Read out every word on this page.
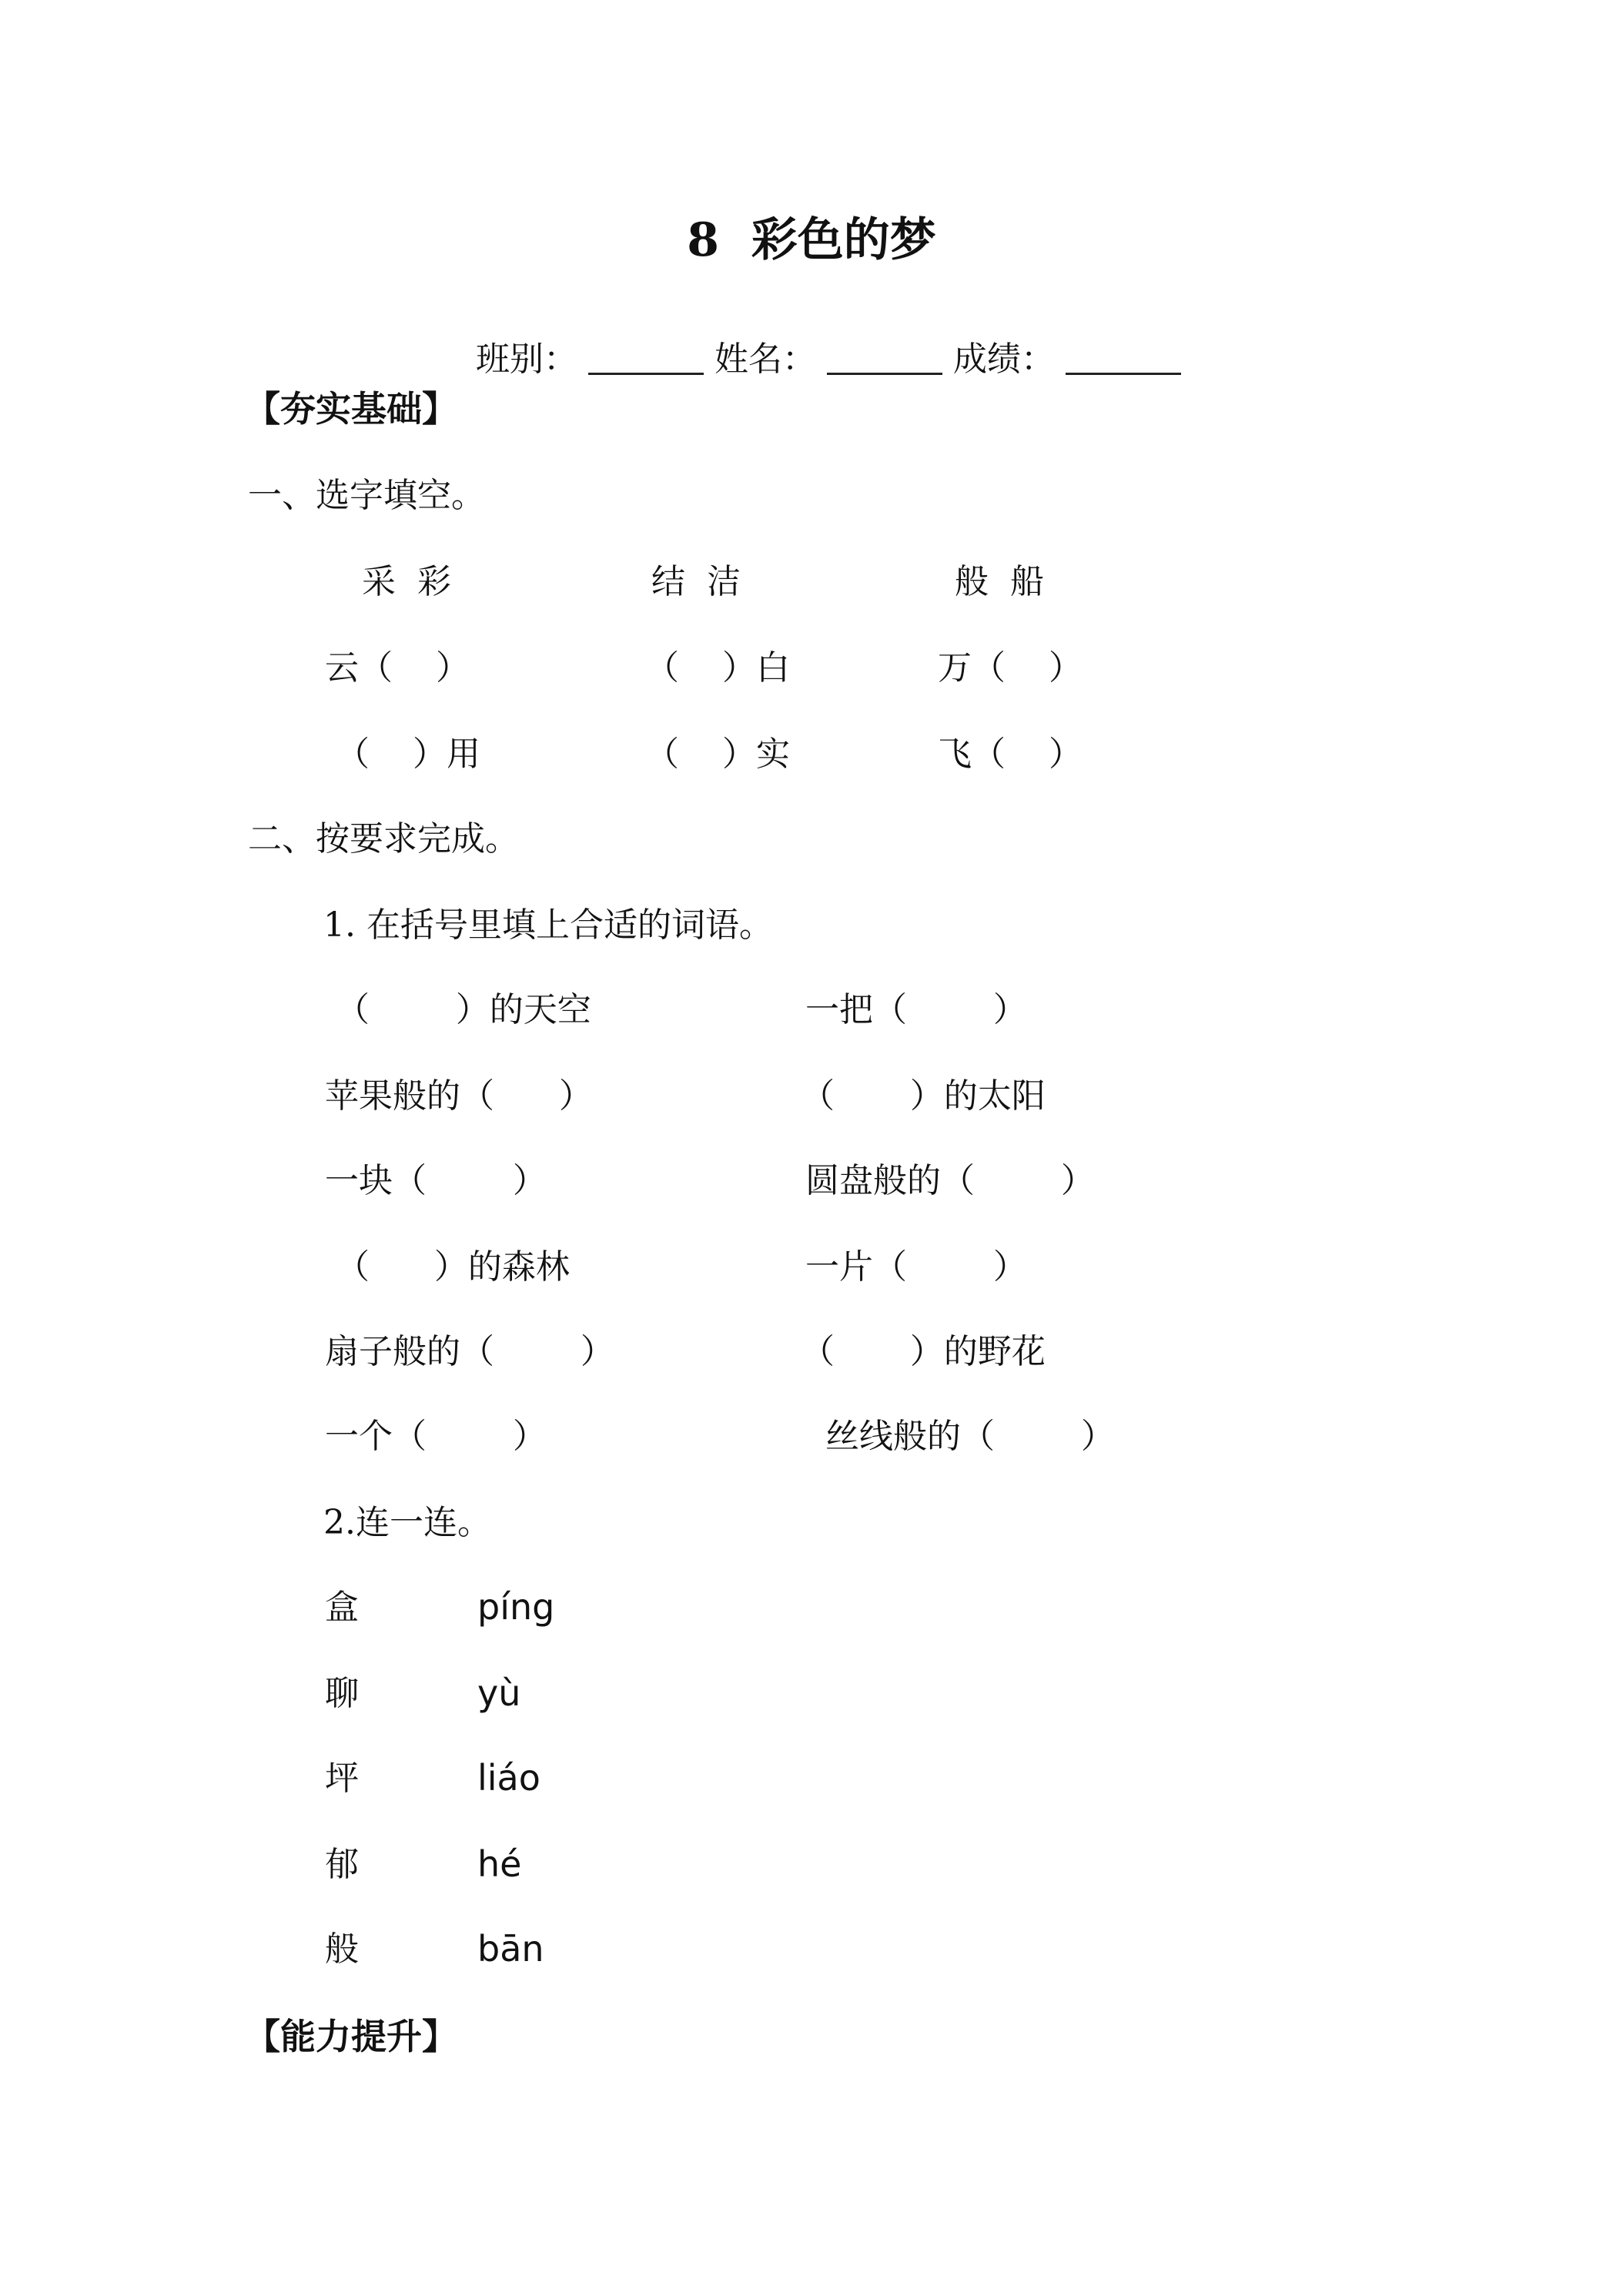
8  彩色的梦

班别：	姓名：	成绩：

【夯实基础】
一、选字填空。
采  彩	结  洁	般  船
云（    ）	（    ）白	万（    ）
（    ）用	（    ）实	飞（    ）
二、按要求完成。
1. 在括号里填上合适的词语。
（        ）的天空	一把（        ）
苹果般的（      ）	（       ）的太阳
一块（        ）	圆盘般的（        ）
（      ）的森林	一片（        ）
扇子般的（        ）	（       ）的野花
一个（        ）	丝线般的（        ）
2.连一连。
盒	píng
聊	yù
坪	liáo
郁	hé
般	bān
【能力提升】
